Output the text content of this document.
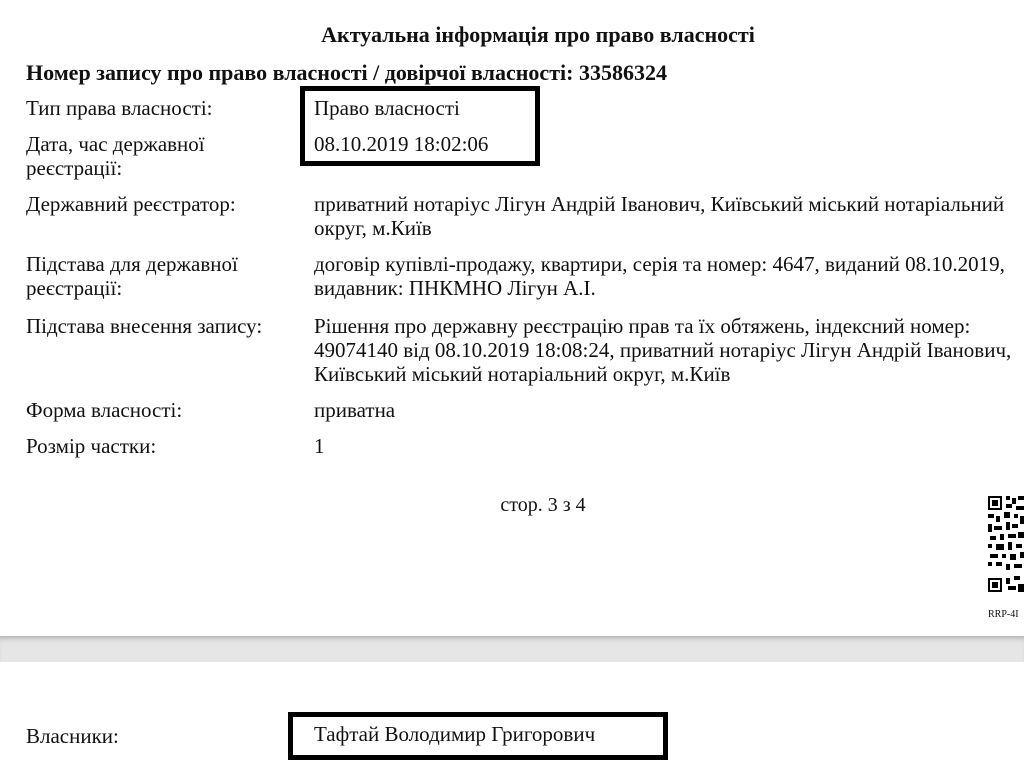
Актуальна інформація про право власності
Номер запису про право власності / довірчої власності: 33586324
Тип права власності:	Право власності
Дата, час державної реєстрації:
08.10.2019 18:02:06
Державний реєстратор:	приватний нотаріус Лігун Андрій Іванович, Київський міський нотаріальний округ, м.Київ
Підстава для державної реєстрації:
договір купівлі-продажу, квартири, серія та номер: 4647, виданий 08.10.2019, видавник: ПНКМНО Лігун А.І.
Підстава внесення запису: Рішення про державну реєстрацію прав та їх обтяжень, індексний номер: 49074140 від 08.10.2019 18:08:24, приватний нотаріус Лігун Андрій Іванович, Київський міський нотаріальний округ, м.Київ
Форма власності:	приватна
Розмір частки:	1
стор. 3 з 4
RRP-4I
Власники:	Тафтай Володимир Григорович
